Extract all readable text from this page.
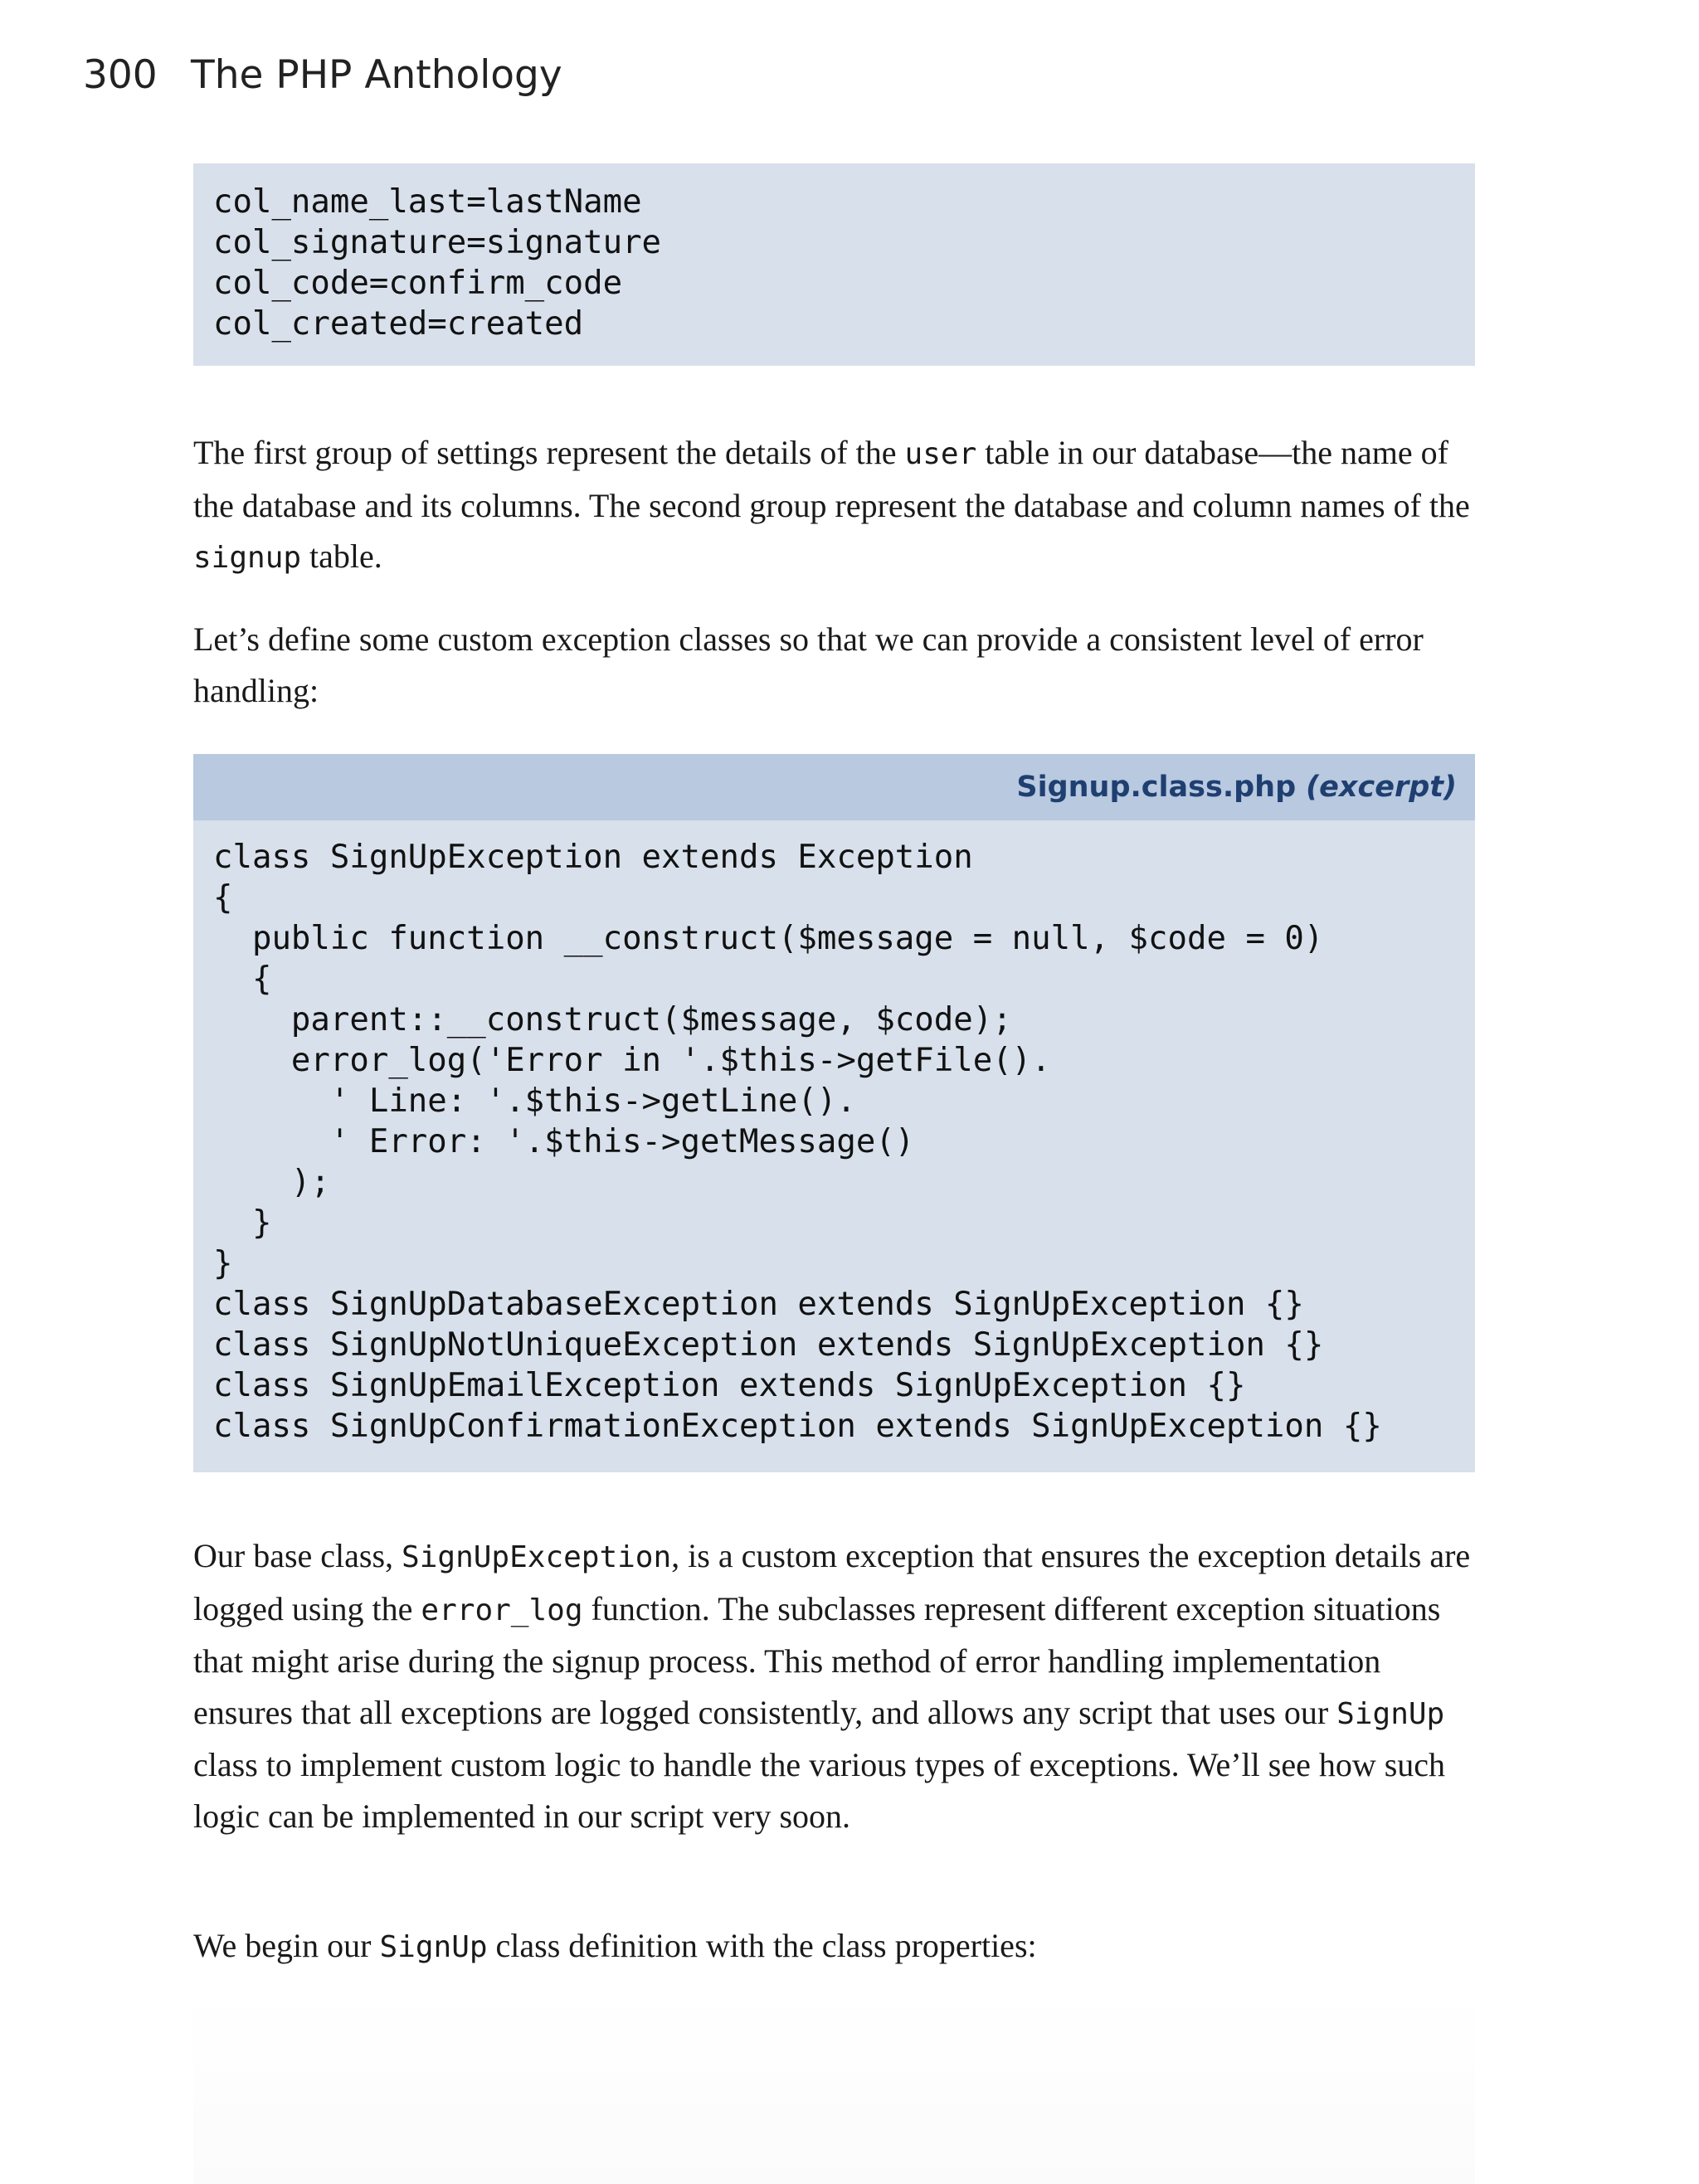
300 The PHP Anthology
col_name_last=lastName
col_signature=signature
col_code=confirm_code
col_created=created

The first group of settings represent the details of the user table in our database—the name of the database and its columns. The second group represent the database and column names of the signup table.

Let’s define some custom exception classes so that we can provide a consistent level of error handling:

Signup.class.php (excerpt)
class SignUpException extends Exception
{
public function __construct($message = null, $code = 0)
{
parent::__construct($message, $code);
error_log('Error in '.$this->getFile().
' Line: '.$this->getLine().
' Error: '.$this->getMessage()
);
}
}
class SignUpDatabaseException extends SignUpException {}
class SignUpNotUniqueException extends SignUpException {}
class SignUpEmailException extends SignUpException {}
class SignUpConfirmationException extends SignUpException {}

Our base class, SignUpException, is a custom exception that ensures the exception details are logged using the error_log function. The subclasses represent different exception situations that might arise during the signup process. This method of error handling implementation ensures that all exceptions are logged consistently, and allows any script that uses our SignUp class to implement custom logic to handle the various types of exceptions. We’ll see how such logic can be implemented in our script very soon.

We begin our SignUp class definition with the class properties:
